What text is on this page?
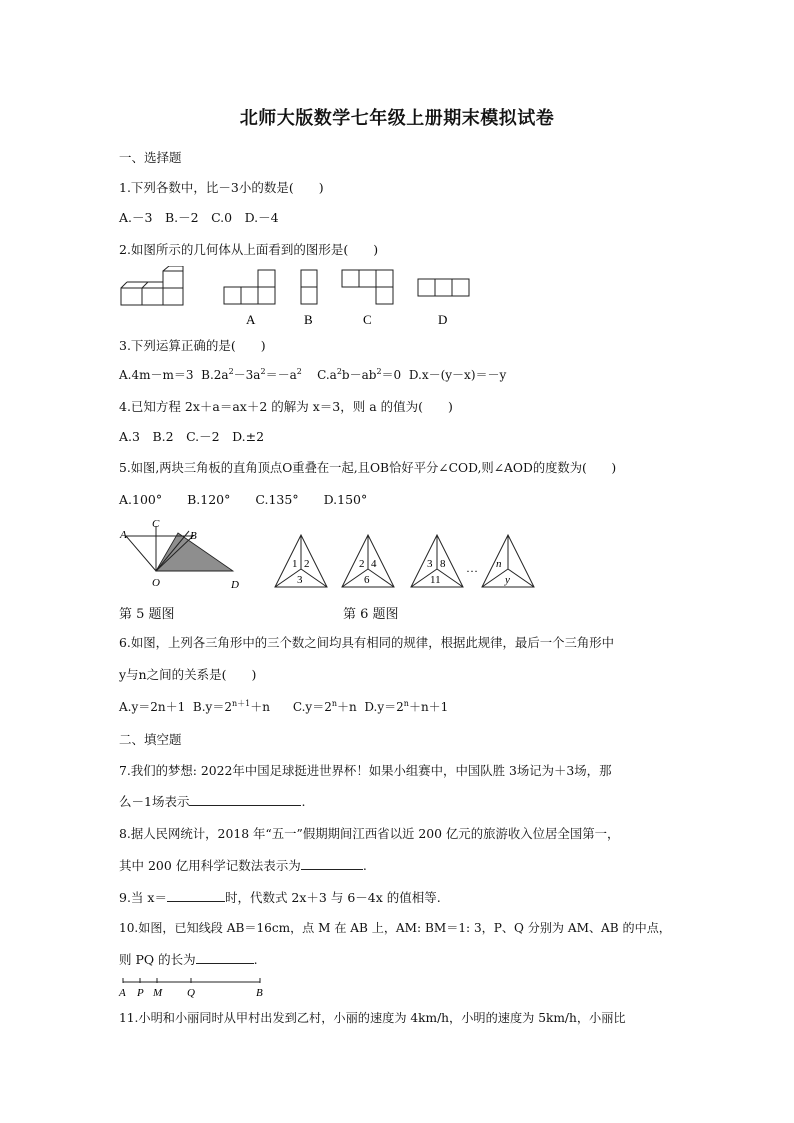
北师大版数学七年级上册期末模拟试卷
一、选择题
1.下列各数中，比－3小的数是(　　)
A.－3　B.－2　C.0　D.－4
2.如图所示的几何体从上面看到的图形是(　　)
A	B	C	D
3.下列运算正确的是(　　)
A.4m－m＝3 $B.2a^2-3a^2=-a^2$ $C.a^2b-ab^2=0$ D.x－(y－x)＝－y
4.已知方程 2x＋a＝ax＋2 的解为 x＝3，则 a 的值为(　　)
A.3　B.2　C.－2　D.±2
5.如图,两块三角板的直角顶点O重叠在一起,且OB恰好平分∠COD,则∠AOD的度数为(　　)
A.100°　　B.120°　　C.135°　　D.150°
A
C
B
O	D
1 2
3
2 4
6
3 8
11
… n
y
第 5 题图	第 6 题图
6.如图，上列各三角形中的三个数之间均具有相同的规律，根据此规律，最后一个三角形中
y与n之间的关系是(　　)
A.y＝2n＋1 $B.y=2^{n+1}+n$ $C.y=2^n+n$ $D.y=2^n+n+1$
二、填空题
7.我们的梦想: 2022年中国足球挺进世界杯！如果小组赛中，中国队胜 3场记为＋3场，那
么－1场表示	.
8.据人民网统计，2018 年“五一”假期期间江西省以近 200 亿元的旅游收入位居全国第一，
其中 200 亿用科学记数法表示为	.
9.当 x＝	时，代数式 2x＋3 与 6－4x 的值相等.
10.如图，已知线段 AB＝16cm，点 M 在 AB 上，AM: BM＝1: 3，P、Q 分别为 AM、AB 的中点，
则 PQ 的长为	.
A P M Q	B
11.小明和小丽同时从甲村出发到乙村，小丽的速度为 4km/h，小明的速度为 5km/h，小丽比
